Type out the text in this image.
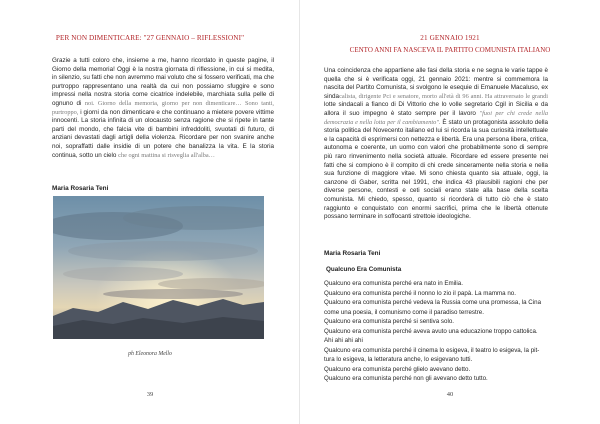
PER NON DIMENTICARE: "27 GENNAIO – RIFLESSIONI"

Grazie a tutti coloro che, insieme a me, hanno ricordato in queste pagine, il Giorno della memoria! Oggi è la nostra giornata di riflessione, in cui si medita, in silenzio, su fatti che non avremmo mai voluto che si fossero verificati, ma che purtroppo rappresentano una realtà da cui non possiamo sfuggire e sono impressi nella nostra storia come cicatrice indelebile, marchiata sulla pelle di ognuno di noi. Giorno della memoria, giorno per non dimenticare… Sono tanti, purtroppo, i giorni da non dimenticare e che continuano a mietere povere vittime innocenti. La storia infinita di un olocausto senza ragione che si ripete in tante parti del mondo, che falcia vite di bambini infreddoliti, svuotati di futuro, di anziani devastati dagli artigli della violenza. Ricordare per non svanire anche noi, sopraffatti dalle insidie di un potere che banalizza la vita. E la storia continua, sotto un cielo che ogni mattina si risveglia all'alba…

Maria Rosaria Teni
ph Eleonora Mello
39
21 GENNAIO 1921
CENTO ANNI FA NASCEVA IL PARTITO COMUNISTA ITALIANO

Una coincidenza che appartiene alle fasi della storia e ne segna le varie tappe è quella che si è verificata oggi, 21 gennaio 2021: mentre si commemora la nascita del Partito Comunista, si svolgono le esequie di Emanuele Macaluso, ex sindacalista, dirigente Pci e senatore, morto all'età di 96 anni. Ha attraversato le grandi lotte sindacali a fianco di Di Vittorio che lo volle segretario Cgil in Sicilia e da allora il suo impegno è stato sempre per il lavoro "fuoi per chi crede nella democrazia e nella lotta per il cambiamento". È stato un protagonista assoluto della storia politica del Novecento italiano ed lui si ricorda la sua curiosità intellettuale e la capacità di esprimersi con nettezza e libertà. Era una persona libera, critica, autonoma e coerente, un uomo con valori che probabilmente sono di sempre più raro rinvenimento nella società attuale. Ricordare ed essere presente nei fatti che si compiono è il compito di chi crede sinceramente nella storia e nella sua funzione di maggiore vitae. Mi sono chiesta quanto sia attuale, oggi, la canzone di Gaber, scritta nel 1991, che indica 43 plausibili ragioni che per diverse persone, contesti e ceti sociali erano state alla base della scelta comunista. Mi chiedo, spesso, quanto si ricorderà di tutto ciò che è stato raggiunto e conquistato con enormi sacrifici, prima che le libertà ottenute possano terminare in soffocanti strettoie ideologiche.

Maria Rosaria Teni
Qualcuno Era Comunista
Qualcuno era comunista perché era nato in Emilia.
Qualcuno era comunista perché il nonno lo zio il papà. La mamma no.
Qualcuno era comunista perché vedeva la Russia come una promessa, la Cina
come una poesia, il comunismo come il paradiso terrestre.
Qualcuno era comunista perché si sentiva solo.
Qualcuno era comunista perché aveva avuto una educazione troppo cattolica.
Ahi ahi ahi ahi
Qualcuno era comunista perché il cinema lo esigeva, il teatro lo esigeva, la pit-
tura lo esigeva, la letteratura anche, lo esigevano tutti.
Qualcuno era comunista perché glielo avevano detto.
Qualcuno era comunista perché non gli avevano detto tutto.
40
